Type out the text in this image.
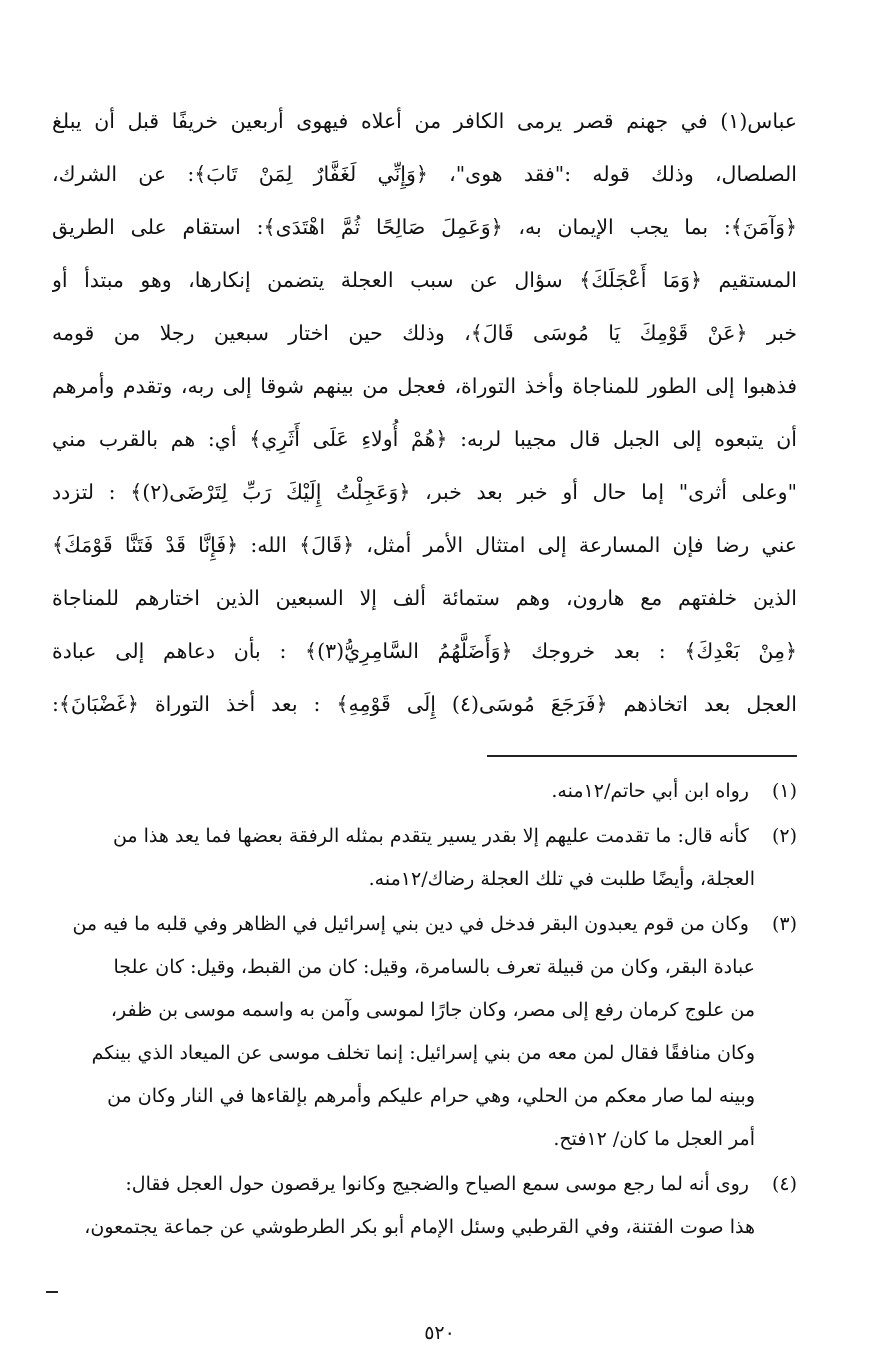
عباس(١) في جهنم قصر يرمى الكافر من أعلاه فيهوى أربعين خريفًا قبل أن يبلغ
الصلصال، وذلك قوله :"فقد هوى"، ﴿وَإِنِّي لَغَفَّارٌ لِمَنْ تَابَ﴾: عن الشرك،
﴿وَآمَنَ﴾: بما يجب الإيمان به، ﴿وَعَمِلَ صَالِحًا ثُمَّ اهْتَدَى﴾: استقام على الطريق
المستقيم ﴿وَمَا أَعْجَلَكَ﴾ سؤال عن سبب العجلة يتضمن إنكارها، وهو مبتدأ أو
خبر ﴿عَنْ قَوْمِكَ يَا مُوسَى قَالَ﴾، وذلك حين اختار سبعين رجلا من قومه
فذهبوا إلى الطور للمناجاة وأخذ التوراة، فعجل من بينهم شوقا إلى ربه، وتقدم وأمرهم
أن يتبعوه إلى الجبل قال مجيبا لربه: ﴿هُمْ أُولاءِ عَلَى أَثَرِي﴾ أي: هم بالقرب مني
"وعلى أثرى" إما حال أو خبر بعد خبر، ﴿وَعَجِلْتُ إِلَيْكَ رَبِّ لِتَرْضَى(٢)﴾ : لتزدد
عني رضا فإن المسارعة إلى امتثال الأمر أمثل، ﴿قَالَ﴾ الله: ﴿فَإِنَّا قَدْ فَتَنَّا قَوْمَكَ﴾
الذين خلفتهم مع هارون، وهم ستمائة ألف إلا السبعين الذين اختارهم للمناجاة
﴿مِنْ بَعْدِكَ﴾ : بعد خروجك ﴿وَأَضَلَّهُمُ السَّامِرِيُّ(٣)﴾ : بأن دعاهم إلى عبادة
العجل بعد اتخاذهم ﴿فَرَجَعَ مُوسَى(٤) إِلَى قَوْمِهِ﴾ : بعد أخذ التوراة ﴿غَضْبَانَ﴾:
(١) رواه ابن أبي حاتم/١٢منه.
(٢) كأنه قال: ما تقدمت عليهم إلا بقدر يسير يتقدم بمثله الرفقة بعضها فما يعد هذا من
العجلة، وأيضًا طلبت في تلك العجلة رضاك/١٢منه.
(٣) وكان من قوم يعبدون البقر فدخل في دين بني إسرائيل في الظاهر وفي قلبه ما فيه من
عبادة البقر، وكان من قبيلة تعرف بالسامرة، وقيل: كان من القبط، وقيل: كان علجا
من علوج كرمان رفع إلى مصر، وكان جارًا لموسى وآمن به واسمه موسى بن ظفر،
وكان منافقًا فقال لمن معه من بني إسرائيل: إنما تخلف موسى عن الميعاد الذي بينكم
وبينه لما صار معكم من الحلي، وهي حرام عليكم وأمرهم بإلقاءها في النار وكان من
أمر العجل ما كان/ ١٢فتح.
(٤) روى أنه لما رجع موسى سمع الصياح والضجيج وكانوا يرقصون حول العجل فقال:
هذا صوت الفتنة، وفي القرطبي وسئل الإمام أبو بكر الطرطوشي عن جماعة يجتمعون،
٥٢٠
